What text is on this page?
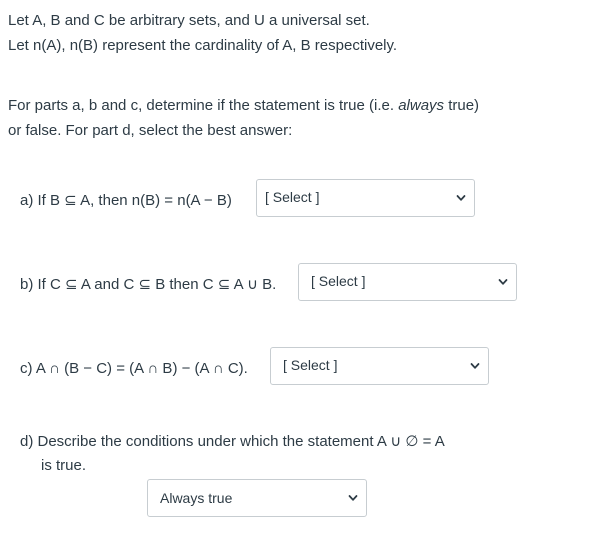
Let A, B and C be arbitrary sets, and U a universal set.
Let n(A), n(B) represent the cardinality of A, B respectively.
For parts a, b and c, determine if the statement is true (i.e. always true)
or false. For part d, select the best answer:
a) If B ⊆ A, then n(B) = n(A − B) [ Select ]
b) If C ⊆ A and C ⊆ B then C ⊆ A ∪ B. [ Select ]
c) A ∩ (B − C) = (A ∩ B) − (A ∩ C).	[ Select ]
d) Describe the conditions under which the statement A ∪ ∅ = A
is true.
Always true
